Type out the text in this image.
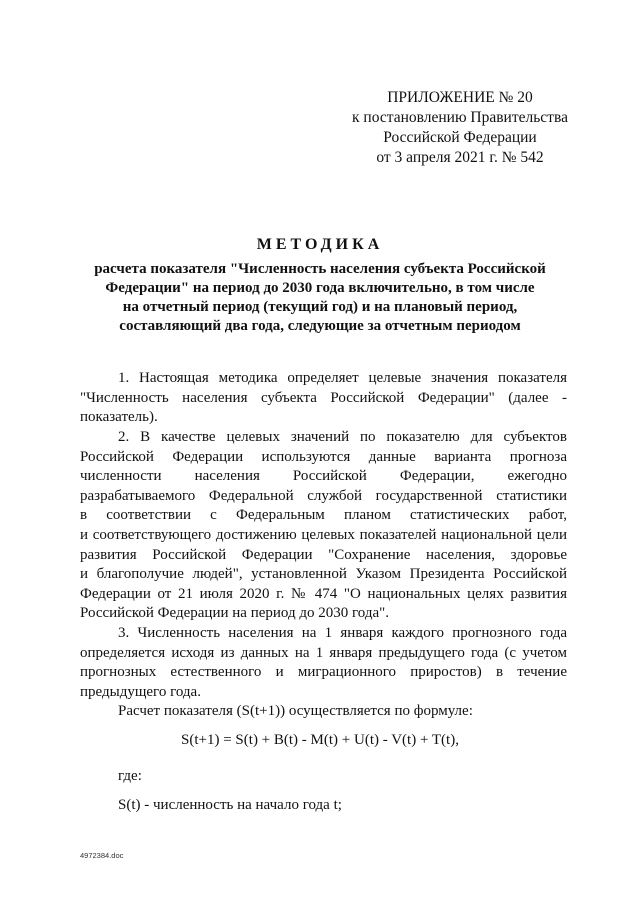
ПРИЛОЖЕНИЕ № 20
к постановлению Правительства
Российской Федерации
от 3 апреля 2021 г. № 542
МЕТОДИКА
расчета показателя "Численность населения субъекта Российской
Федерации" на период до 2030 года включительно, в том числе
на отчетный период (текущий год) и на плановый период,
составляющий два года, следующие за отчетным периодом
1. Настоящая методика определяет целевые значения показателя
"Численность населения субъекта Российской Федерации" (далее -
показатель).
2. В качестве целевых значений по показателю для субъектов
Российской Федерации используются данные варианта прогноза
численности населения Российской Федерации, ежегодно
разрабатываемого Федеральной службой государственной статистики
в соответствии с Федеральным планом статистических работ,
и соответствующего достижению целевых показателей национальной цели
развития Российской Федерации "Сохранение населения, здоровье
и благополучие людей", установленной Указом Президента Российской
Федерации от 21 июля 2020 г. № 474 "О национальных целях развития
Российской Федерации на период до 2030 года".
3. Численность населения на 1 января каждого прогнозного года
определяется исходя из данных на 1 января предыдущего года (с учетом
прогнозных естественного и миграционного приростов) в течение
предыдущего года.
Расчет показателя (S(t+1)) осуществляется по формуле:
S(t+1) = S(t) + B(t) - M(t) + U(t) - V(t) + T(t),
где:
S(t) - численность на начало года t;
4972384.doc
